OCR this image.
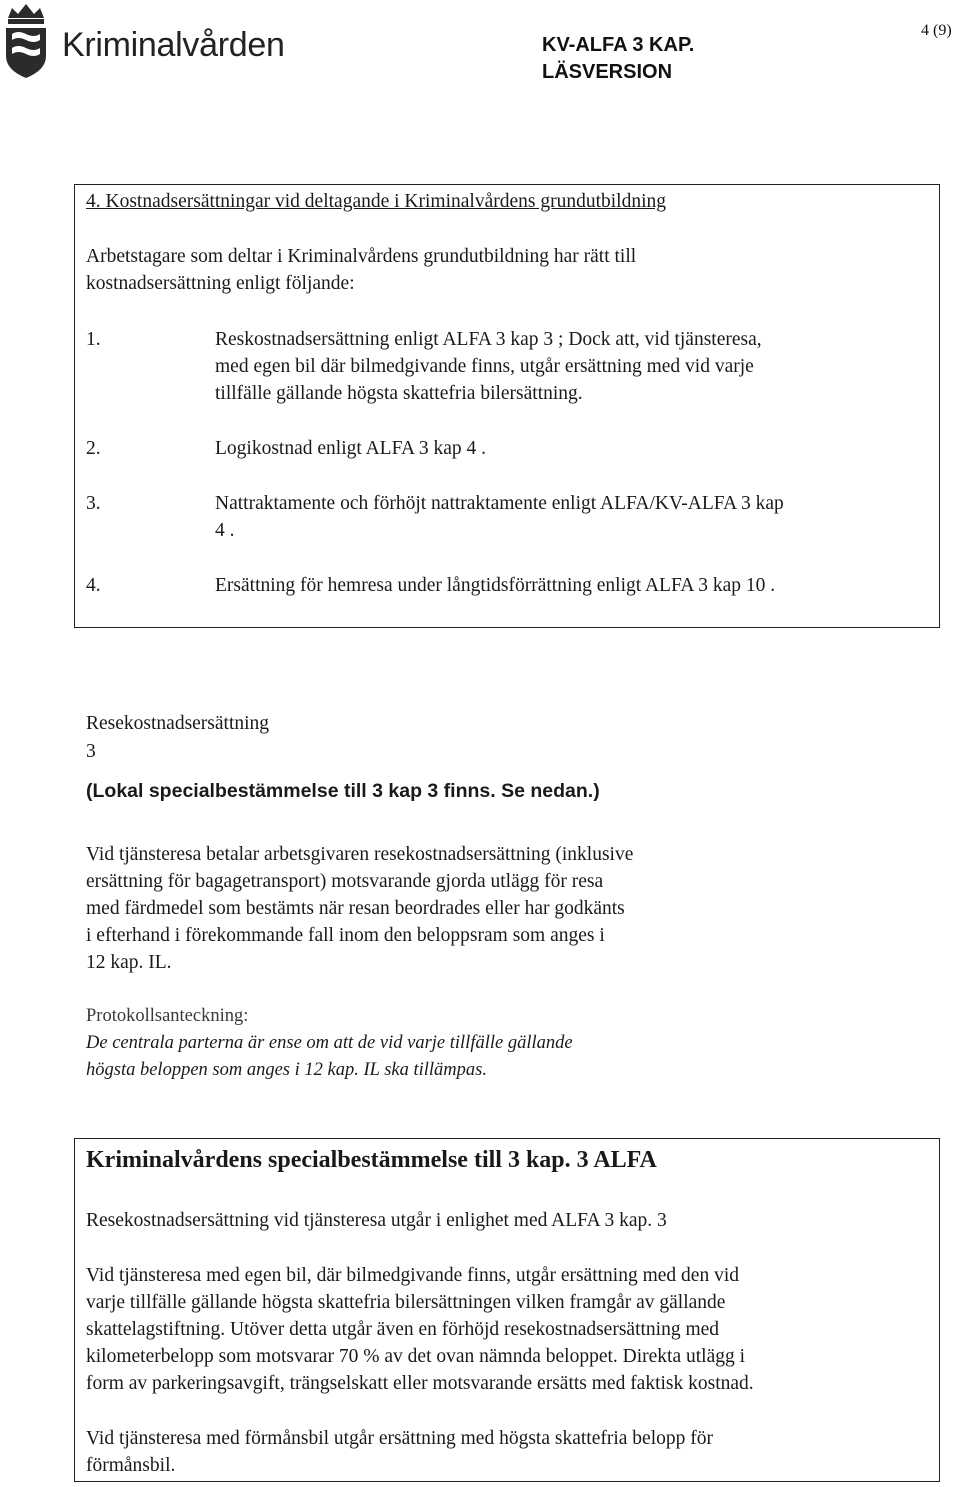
Kriminalvården	KV-ALFA 3 KAP.
LÄSVERSION
4 (9)
4. Kostnadsersättningar vid deltagande i Kriminalvårdens grundutbildning
Arbetstagare som deltar i Kriminalvårdens grundutbildning har rätt till
kostnadsersättning enligt följande:
1.	Reskostnadsersättning enligt ALFA 3 kap 3 ; Dock att, vid tjänsteresa,
med egen bil där bilmedgivande finns, utgår ersättning med vid varje
tillfälle gällande högsta skattefria bilersättning.
2.	Logikostnad enligt ALFA 3 kap 4 .
3.	Nattraktamente och förhöjt nattraktamente enligt ALFA/KV-ALFA 3 kap
4 .
4.	Ersättning för hemresa under långtidsförrättning enligt ALFA 3 kap 10 .
Resekostnadsersättning
3
(Lokal specialbestämmelse till 3 kap 3 finns. Se nedan.)
Vid tjänsteresa betalar arbetsgivaren resekostnadsersättning (inklusive
ersättning för bagagetransport) motsvarande gjorda utlägg för resa
med färdmedel som bestämts när resan beordrades eller har godkänts
i efterhand i förekommande fall inom den beloppsram som anges i
12 kap. IL.
Protokollsanteckning:
De centrala parterna är ense om att de vid varje tillfälle gällande
högsta beloppen som anges i 12 kap. IL ska tillämpas.
Kriminalvårdens specialbestämmelse till 3 kap. 3 ALFA
Resekostnadsersättning vid tjänsteresa utgår i enlighet med ALFA 3 kap. 3
Vid tjänsteresa med egen bil, där bilmedgivande finns, utgår ersättning med den vid
varje tillfälle gällande högsta skattefria bilersättningen vilken framgår av gällande
skattelagstiftning. Utöver detta utgår även en förhöjd resekostnadsersättning med
kilometerbelopp som motsvarar 70 % av det ovan nämnda beloppet. Direkta utlägg i
form av parkeringsavgift, trängselskatt eller motsvarande ersätts med faktisk kostnad.
Vid tjänsteresa med förmånsbil utgår ersättning med högsta skattefria belopp för
förmånsbil.
